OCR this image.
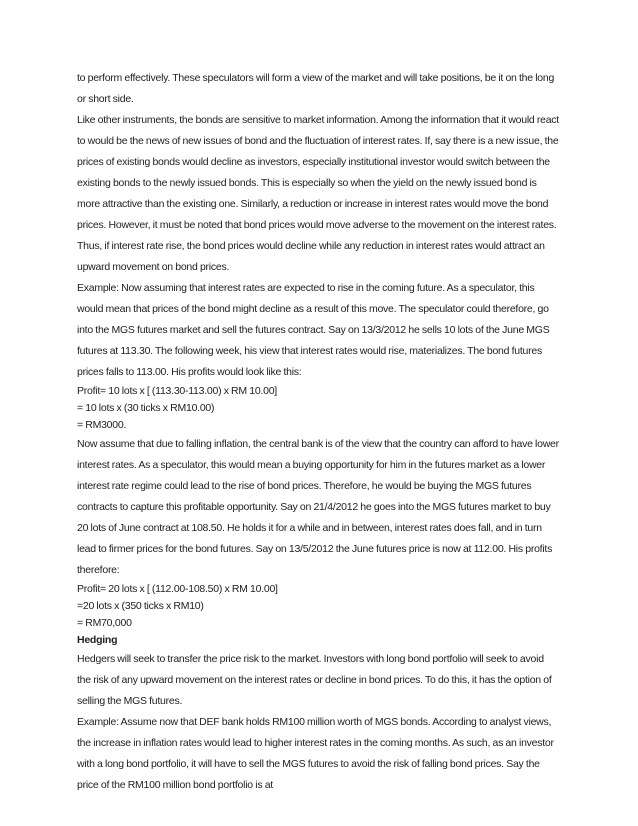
to perform effectively. These speculators will form a view of the market and will take positions, be it on the long or short side.

Like other instruments, the bonds are sensitive to market information. Among the information that it would react to would be the news of new issues of bond and the fluctuation of interest rates. If, say there is a new issue, the prices of existing bonds would decline as investors, especially institutional investor would switch between the existing bonds to the newly issued bonds. This is especially so when the yield on the newly issued bond is more attractive than the existing one. Similarly, a reduction or increase in interest rates would move the bond prices. However, it must be noted that bond prices would move adverse to the movement on the interest rates. Thus, if interest rate rise, the bond prices would decline while any reduction in interest rates would attract an upward movement on bond prices.

Example: Now assuming that interest rates are expected to rise in the coming future. As a speculator, this would mean that prices of the bond might decline as a result of this move. The speculator could therefore, go into the MGS futures market and sell the futures contract. Say on 13/3/2012 he sells 10 lots of the June MGS futures at 113.30. The following week, his view that interest rates would rise, materializes. The bond futures prices falls to 113.00. His profits would look like this:

Profit= 10 lots x [ (113.30-113.00) x RM 10.00]

= 10 lots x (30 ticks x RM10.00)

= RM3000.

Now assume that due to falling inflation, the central bank is of the view that the country can afford to have lower interest rates. As a speculator, this would mean a buying opportunity for him in the futures market as a lower interest rate regime could lead to the rise of bond prices. Therefore, he would be buying the MGS futures contracts to capture this profitable opportunity. Say on 21/4/2012 he goes into the MGS futures market to buy 20 lots of June contract at 108.50. He holds it for a while and in between, interest rates does fall, and in turn lead to firmer prices for the bond futures. Say on 13/5/2012 the June futures price is now at 112.00. His profits therefore:

Profit= 20 lots x [ (112.00-108.50) x RM 10.00]

=20 lots x (350 ticks x RM10)

= RM70,000

Hedging

Hedgers will seek to transfer the price risk to the market. Investors with long bond portfolio will seek to avoid the risk of any upward movement on the interest rates or decline in bond prices. To do this, it has the option of selling the MGS futures.

Example: Assume now that DEF bank holds RM100 million worth of MGS bonds. According to analyst views, the increase in inflation rates would lead to higher interest rates in the coming months. As such, as an investor with a long bond portfolio, it will have to sell the MGS futures to avoid the risk of falling bond prices. Say the price of the RM100 million bond portfolio is at
